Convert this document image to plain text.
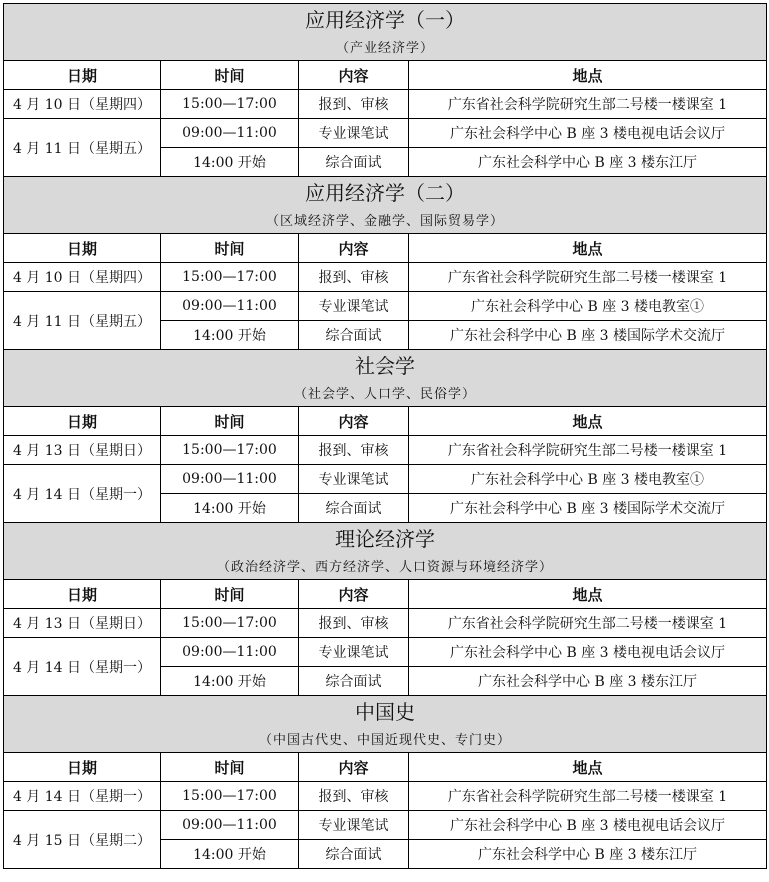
应用经济学（一）			
（产业经济学）			
日期	时间	内容	地点
4 月 10 日（星期四）	15:00—17:00	报到、审核	广东省社会科学院研究生部二号楼一楼课室 1
4 月 11 日（星期五）	09:00—11:00	专业课笔试	广东社会科学中心 B 座 3 楼电视电话会议厅
	14:00 开始	综合面试	广东社会科学中心 B 座 3 楼东江厅
应用经济学（二）			
（区域经济学、金融学、国际贸易学）			
日期	时间	内容	地点
4 月 10 日（星期四）	15:00—17:00	报到、审核	广东省社会科学院研究生部二号楼一楼课室 1
4 月 11 日（星期五）	09:00—11:00	专业课笔试	广东社会科学中心 B 座 3 楼电教室①
	14:00 开始	综合面试	广东社会科学中心 B 座 3 楼国际学术交流厅
社会学			
（社会学、人口学、民俗学）			
日期	时间	内容	地点
4 月 13 日（星期日）	15:00—17:00	报到、审核	广东省社会科学院研究生部二号楼一楼课室 1
4 月 14 日（星期一）	09:00—11:00	专业课笔试	广东社会科学中心 B 座 3 楼电教室①
	14:00 开始	综合面试	广东社会科学中心 B 座 3 楼国际学术交流厅
理论经济学			
（政治经济学、西方经济学、人口资源与环境经济学）			
日期	时间	内容	地点
4 月 13 日（星期日）	15:00—17:00	报到、审核	广东省社会科学院研究生部二号楼一楼课室 1
4 月 14 日（星期一）	09:00—11:00	专业课笔试	广东社会科学中心 B 座 3 楼电视电话会议厅
	14:00 开始	综合面试	广东社会科学中心 B 座 3 楼东江厅
中国史			
（中国古代史、中国近现代史、专门史）			
日期	时间	内容	地点
4 月 14 日（星期一）	15:00—17:00	报到、审核	广东省社会科学院研究生部二号楼一楼课室 1
4 月 15 日（星期二）	09:00—11:00	专业课笔试	广东社会科学中心 B 座 3 楼电视电话会议厅
	14:00 开始	综合面试	广东社会科学中心 B 座 3 楼东江厅
